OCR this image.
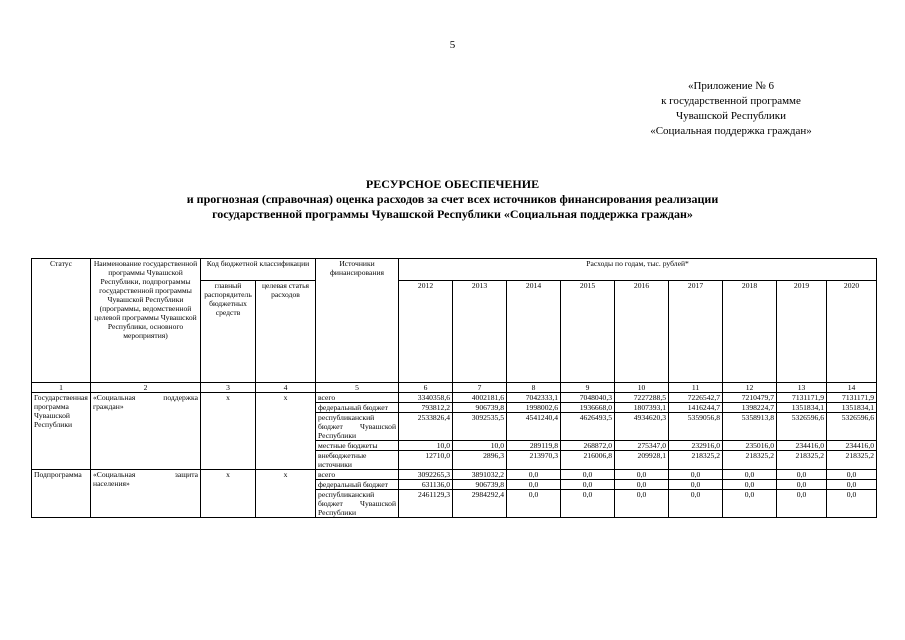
5
«Приложение № 6
к государственной программе
Чувашской Республики
«Социальная поддержка граждан»
РЕСУРСНОЕ ОБЕСПЕЧЕНИЕ
и прогнозная (справочная) оценка расходов за счет всех источников финансирования реализации
государственной программы Чувашской Республики «Социальная поддержка граждан»
Статус	Наименование государственной программы Чувашской Республики, подпрограммы государственной программы Чувашской Республики (программы, ведомственной целевой программы Чувашской Республики, основного мероприятия)	Код бюджетной классификации		Источники финансирования	Расходы по годам, тыс. рублей*								
		главный распорядитель бюджетных средств	целевая статья расходов		2012	2013	2014	2015	2016	2017	2018	2019	2020
1	2	3	4	5	6	7	8	9	10	11	12	13	14
Государственная программа Чувашской Республики	«Социальная поддержка граждан»	х	х	всего	3340358,6	4002181,6	7042333,1	7048040,3	7227288,5	7226542,7	7210479,7	7131171,9	7131171,9
				федеральный бюджет	793812,2	906739,8	1998002,6	1936668,0	1807393,1	1416244,7	1398224,7	1351834,1	1351834,1
				республиканский бюджет Чувашской Республики	2533826,4	3092535,5	4541240,4	4626493,5	4934620,3	5359056,8	5358913,8	5326596,6	5326596,6
				местные бюджеты	10,0	10,0	289119,8	268872,0	275347,0	232916,0	235016,0	234416,0	234416,0
				внебюджетные источники	12710,0	2896,3	213970,3	216006,8	209928,1	218325,2	218325,2	218325,2	218325,2
Подпрограмма	«Социальная защита населения»	х	х	всего	3092265,3	3891032,2	0,0	0,0	0,0	0,0	0,0	0,0	0,0
				федеральный бюджет	631136,0	906739,8	0,0	0,0	0,0	0,0	0,0	0,0	0,0
				республиканский бюджет Чувашской Республики	2461129,3	2984292,4	0,0	0,0	0,0	0,0	0,0	0,0	0,0
